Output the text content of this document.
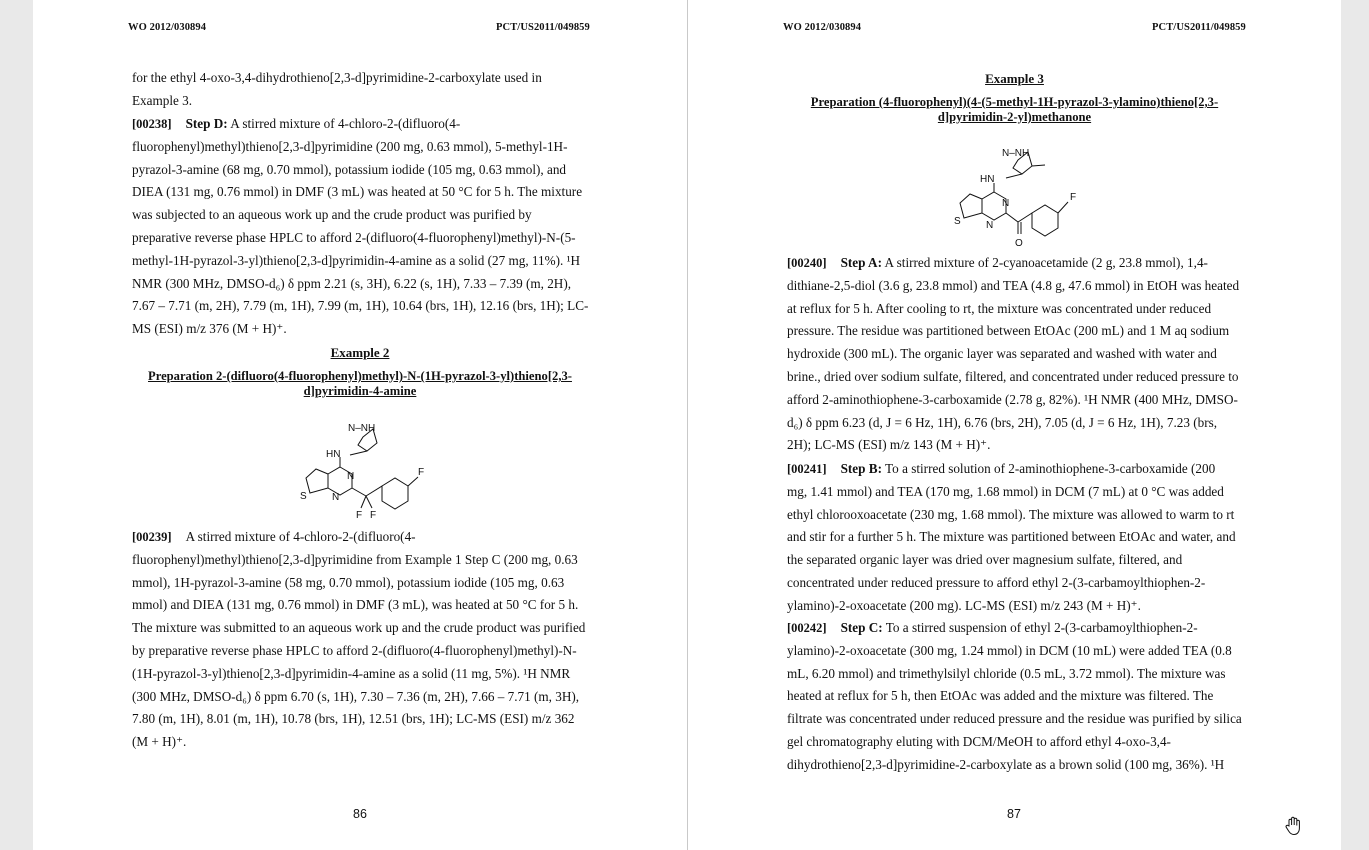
WO 2012/030894	PCT/US2011/049859
for the ethyl 4-oxo-3,4-dihydrothieno[2,3-d]pyrimidine-2-carboxylate used in
Example 3.
[00238] Step D: A stirred mixture of 4-chloro-2-(difluoro(4-
fluorophenyl)methyl)thieno[2,3-d]pyrimidine (200 mg, 0.63 mmol), 5-methyl-1H-
pyrazol-3-amine (68 mg, 0.70 mmol), potassium iodide (105 mg, 0.63 mmol), and
DIEA (131 mg, 0.76 mmol) in DMF (3 mL) was heated at 50 °C for 5 h. The mixture
was subjected to an aqueous work up and the crude product was purified by
preparative reverse phase HPLC to afford 2-(difluoro(4-fluorophenyl)methyl)-N-(5-
methyl-1H-pyrazol-3-yl)thieno[2,3-d]pyrimidin-4-amine as a solid (27 mg, 11%). ¹H
NMR (300 MHz, DMSO-d₆) δ ppm 2.21 (s, 3H), 6.22 (s, 1H), 7.33 – 7.39 (m, 2H),
7.67 – 7.71 (m, 2H), 7.79 (m, 1H), 7.99 (m, 1H), 10.64 (brs, 1H), 12.16 (brs, 1H); LC-
MS (ESI) m/z 376 (M + H)⁺.
Example 2
Preparation 2-(difluoro(4-fluorophenyl)methyl)-N-(1H-pyrazol-3-yl)thieno[2,3-
d]pyrimidin-4-amine
N–NH
HN
N
N
S
F F
F
[00239] A stirred mixture of 4-chloro-2-(difluoro(4-
fluorophenyl)methyl)thieno[2,3-d]pyrimidine from Example 1 Step C (200 mg, 0.63
mmol), 1H-pyrazol-3-amine (58 mg, 0.70 mmol), potassium iodide (105 mg, 0.63
mmol) and DIEA (131 mg, 0.76 mmol) in DMF (3 mL), was heated at 50 °C for 5 h.
The mixture was submitted to an aqueous work up and the crude product was purified
by preparative reverse phase HPLC to afford 2-(difluoro(4-fluorophenyl)methyl)-N-
(1H-pyrazol-3-yl)thieno[2,3-d]pyrimidin-4-amine as a solid (11 mg, 5%). ¹H NMR
(300 MHz, DMSO-d₆) δ ppm 6.70 (s, 1H), 7.30 – 7.36 (m, 2H), 7.66 – 7.71 (m, 3H),
7.80 (m, 1H), 8.01 (m, 1H), 10.78 (brs, 1H), 12.51 (brs, 1H); LC-MS (ESI) m/z 362
(M + H)⁺.
86
WO 2012/030894	PCT/US2011/049859
Example 3
Preparation (4-fluorophenyl)(4-(5-methyl-1H-pyrazol-3-ylamino)thieno[2,3-
d]pyrimidin-2-yl)methanone
N–NH
HN
N
N
S
O
F
[00240] Step A: A stirred mixture of 2-cyanoacetamide (2 g, 23.8 mmol), 1,4-
dithiane-2,5-diol (3.6 g, 23.8 mmol) and TEA (4.8 g, 47.6 mmol) in EtOH was heated
at reflux for 5 h. After cooling to rt, the mixture was concentrated under reduced
pressure. The residue was partitioned between EtOAc (200 mL) and 1 M aq sodium
hydroxide (300 mL). The organic layer was separated and washed with water and
brine., dried over sodium sulfate, filtered, and concentrated under reduced pressure to
afford 2-aminothiophene-3-carboxamide (2.78 g, 82%). ¹H NMR (400 MHz, DMSO-
d₆) δ ppm 6.23 (d, J = 6 Hz, 1H), 6.76 (brs, 2H), 7.05 (d, J = 6 Hz, 1H), 7.23 (brs,
2H); LC-MS (ESI) m/z 143 (M + H)⁺.
[00241] Step B: To a stirred solution of 2-aminothiophene-3-carboxamide (200
mg, 1.41 mmol) and TEA (170 mg, 1.68 mmol) in DCM (7 mL) at 0 °C was added
ethyl chlorooxoacetate (230 mg, 1.68 mmol). The mixture was allowed to warm to rt
and stir for a further 5 h. The mixture was partitioned between EtOAc and water, and
the separated organic layer was dried over magnesium sulfate, filtered, and
concentrated under reduced pressure to afford ethyl 2-(3-carbamoylthiophen-2-
ylamino)-2-oxoacetate (200 mg). LC-MS (ESI) m/z 243 (M + H)⁺.
[00242] Step C: To a stirred suspension of ethyl 2-(3-carbamoylthiophen-2-
ylamino)-2-oxoacetate (300 mg, 1.24 mmol) in DCM (10 mL) were added TEA (0.8
mL, 6.20 mmol) and trimethylsilyl chloride (0.5 mL, 3.72 mmol). The mixture was
heated at reflux for 5 h, then EtOAc was added and the mixture was filtered. The
filtrate was concentrated under reduced pressure and the residue was purified by silica
gel chromatography eluting with DCM/MeOH to afford ethyl 4-oxo-3,4-
dihydrothieno[2,3-d]pyrimidine-2-carboxylate as a brown solid (100 mg, 36%). ¹H
87
